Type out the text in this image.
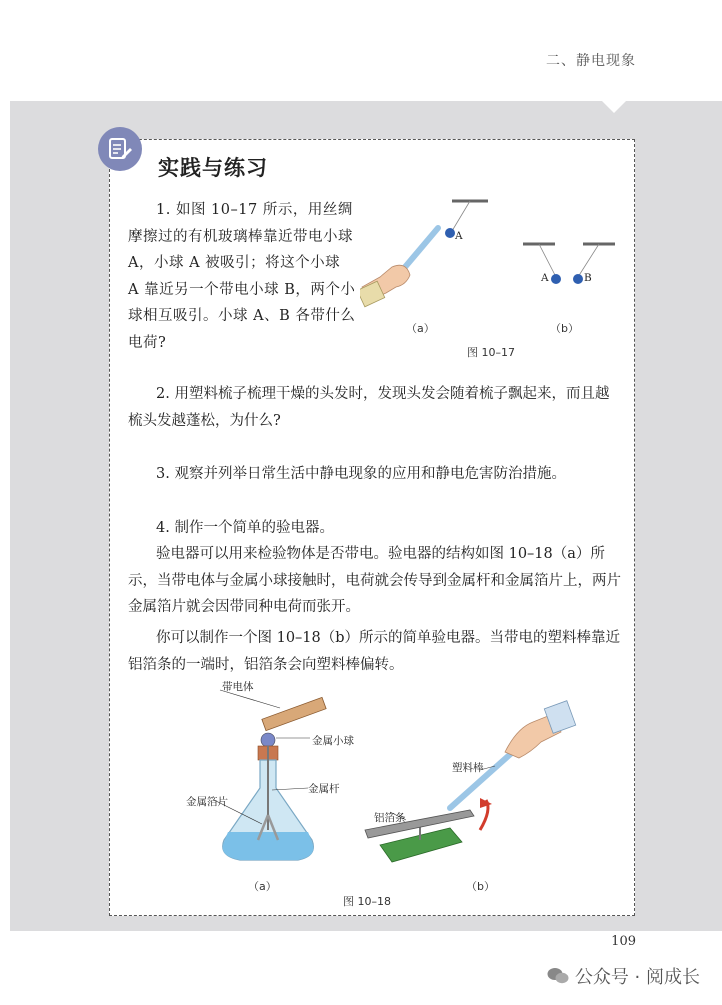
二、静电现象
实践与练习

1. 如图 10–17 所示，用丝绸摩擦过的有机玻璃棒靠近带电小球 A，小球 A 被吸引；将这个小球 A 靠近另一个带电小球 B，两个小球相互吸引。小球 A、B 各带什么电荷?

A
A	B
（a）	（b）
图 10–17

2. 用塑料梳子梳理干燥的头发时，发现头发会随着梳子飘起来，而且越梳头发越蓬松，为什么?

3. 观察并列举日常生活中静电现象的应用和静电危害防治措施。

4. 制作一个简单的验电器。

验电器可以用来检验物体是否带电。验电器的结构如图 10–18（a）所示，当带电体与金属小球接触时，电荷就会传导到金属杆和金属箔片上，两片金属箔片就会因带同种电荷而张开。

你可以制作一个图 10–18（b）所示的简单验电器。当带电的塑料棒靠近铝箔条的一端时，铝箔条会向塑料棒偏转。

带电体
金属小球
金属杆
金属箔片
塑料棒
铝箔条
（a）	（b）
图 10–18
109
公众号 · 阅成长
